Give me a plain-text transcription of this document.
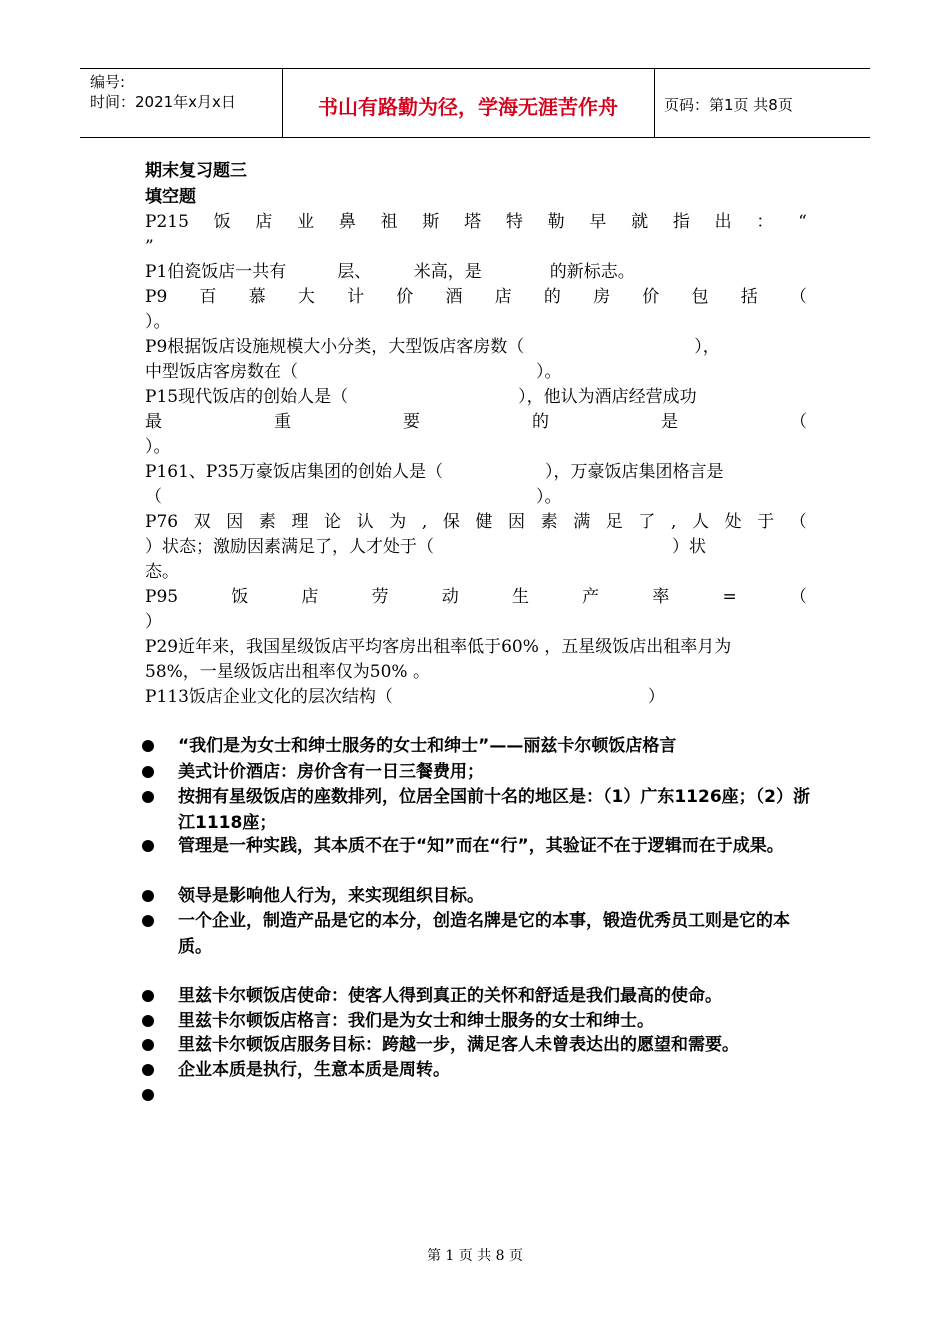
编号:
时间：2021年x月x日	书山有路勤为径，学海无涯苦作舟	页码：第1页 共8页
期末复习题三
填空题
P215 饭 店 业 鼻 祖 斯 塔 特 勒 早 就 指 出 ： “
”
P1伯瓷饭店一共有　　　层、　　　米高，是　　　　的新标志。
P9 百 慕 大 计 价 酒 店 的 房 价 包 括 （
）。
P9根据饭店设施规模大小分类，大型饭店客房数（　　　　　　　　　　），
中型饭店客房数在（　　　　　　　　　　　　　　）。
P15现代饭店的创始人是（　　　　　　　　　　），他认为酒店经营成功
最	重	要	的	是	（
）。
P161、P35万豪饭店集团的创始人是（　　　　　　），万豪饭店集团格言是
（　　　　　　　　　　　　　　　　　　　　　　）。
P76 双 因 素 理 论 认 为 , 保 健 因 素 满 足 了 , 人 处 于 （
）状态；激励因素满足了，人才处于（　　　　　　　　　　　　　　）状
态。
P95	饭	店	劳	动	生	产	率	=	（
）
P29近年来，我国星级饭店平均客房出租率低于60% ，五星级饭店出租率月为
58%，一星级饭店出租率仅为50% 。
P113饭店企业文化的层次结构（　　　　　　　　　　　　　　　）
“我们是为女士和绅士服务的女士和绅士”——丽兹卡尔顿饭店格言
美式计价酒店：房价含有一日三餐费用；
按拥有星级饭店的座数排列，位居全国前十名的地区是：（1）广东1126座；（2）浙江1118座；
管理是一种实践，其本质不在于“知”而在“行”，其验证不在于逻辑而在于成果。
领导是影响他人行为，来实现组织目标。
一个企业，制造产品是它的本分，创造名牌是它的本事，锻造优秀员工则是它的本质。
里兹卡尔顿饭店使命：使客人得到真正的关怀和舒适是我们最高的使命。
里兹卡尔顿饭店格言：我们是为女士和绅士服务的女士和绅士。
里兹卡尔顿饭店服务目标：跨越一步，满足客人未曾表达出的愿望和需要。
企业本质是执行，生意本质是周转。
第 1 页 共 8 页
